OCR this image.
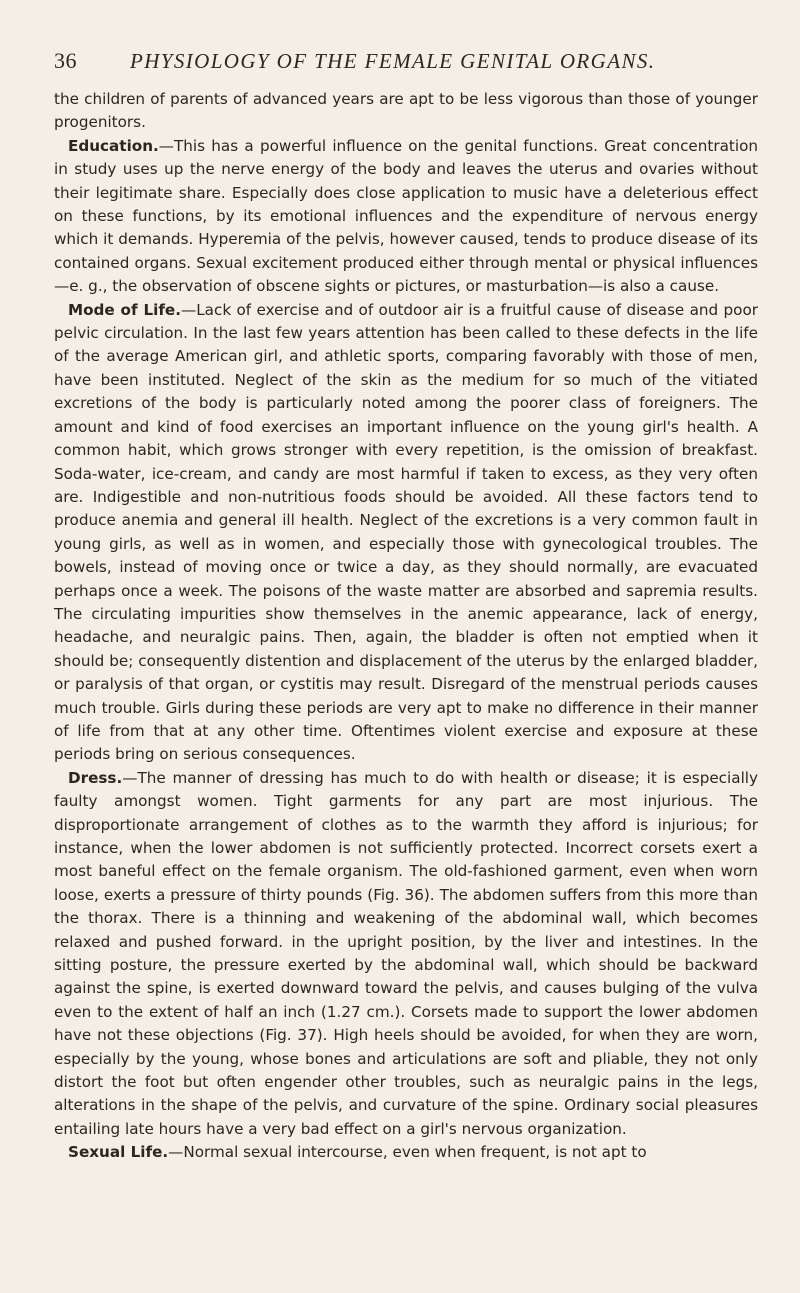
36	PHYSIOLOGY OF THE FEMALE GENITAL ORGANS.

the children of parents of advanced years are apt to be less vigorous than those of younger progenitors.

Education.—This has a powerful influence on the genital functions. Great concentration in study uses up the nerve energy of the body and leaves the uterus and ovaries without their legitimate share. Especially does close application to music have a deleterious effect on these functions, by its emotional influences and the expenditure of nervous energy which it demands. Hyperemia of the pelvis, however caused, tends to produce disease of its contained organs. Sexual excitement produced either through mental or physical influences—e. g., the observation of obscene sights or pictures, or masturbation—is also a cause.

Mode of Life.—Lack of exercise and of outdoor air is a fruitful cause of disease and poor pelvic circulation. In the last few years attention has been called to these defects in the life of the average American girl, and athletic sports, comparing favorably with those of men, have been instituted. Neglect of the skin as the medium for so much of the vitiated excretions of the body is particularly noted among the poorer class of foreigners. The amount and kind of food exercises an important influence on the young girl's health. A common habit, which grows stronger with every repetition, is the omission of breakfast. Soda-water, ice-cream, and candy are most harmful if taken to excess, as they very often are. Indigestible and non-nutritious foods should be avoided. All these factors tend to produce anemia and general ill health. Neglect of the excretions is a very common fault in young girls, as well as in women, and especially those with gynecological troubles. The bowels, instead of moving once or twice a day, as they should normally, are evacuated perhaps once a week. The poisons of the waste matter are absorbed and sapremia results. The circulating impurities show themselves in the anemic appearance, lack of energy, headache, and neuralgic pains. Then, again, the bladder is often not emptied when it should be; consequently distention and displacement of the uterus by the enlarged bladder, or paralysis of that organ, or cystitis may result. Disregard of the menstrual periods causes much trouble. Girls during these periods are very apt to make no difference in their manner of life from that at any other time. Oftentimes violent exercise and exposure at these periods bring on serious consequences.

Dress.—The manner of dressing has much to do with health or disease; it is especially faulty amongst women. Tight garments for any part are most injurious. The disproportionate arrangement of clothes as to the warmth they afford is injurious; for instance, when the lower abdomen is not sufficiently protected. Incorrect corsets exert a most baneful effect on the female organism. The old-fashioned garment, even when worn loose, exerts a pressure of thirty pounds (Fig. 36). The abdomen suffers from this more than the thorax. There is a thinning and weakening of the abdominal wall, which becomes relaxed and pushed forward. in the upright position, by the liver and intestines. In the sitting posture, the pressure exerted by the abdominal wall, which should be backward against the spine, is exerted downward toward the pelvis, and causes bulging of the vulva even to the extent of half an inch (1.27 cm.). Corsets made to support the lower abdomen have not these objections (Fig. 37). High heels should be avoided, for when they are worn, especially by the young, whose bones and articulations are soft and pliable, they not only distort the foot but often engender other troubles, such as neuralgic pains in the legs, alterations in the shape of the pelvis, and curvature of the spine. Ordinary social pleasures entailing late hours have a very bad effect on a girl's nervous organization.

Sexual Life.—Normal sexual intercourse, even when frequent, is not apt to
